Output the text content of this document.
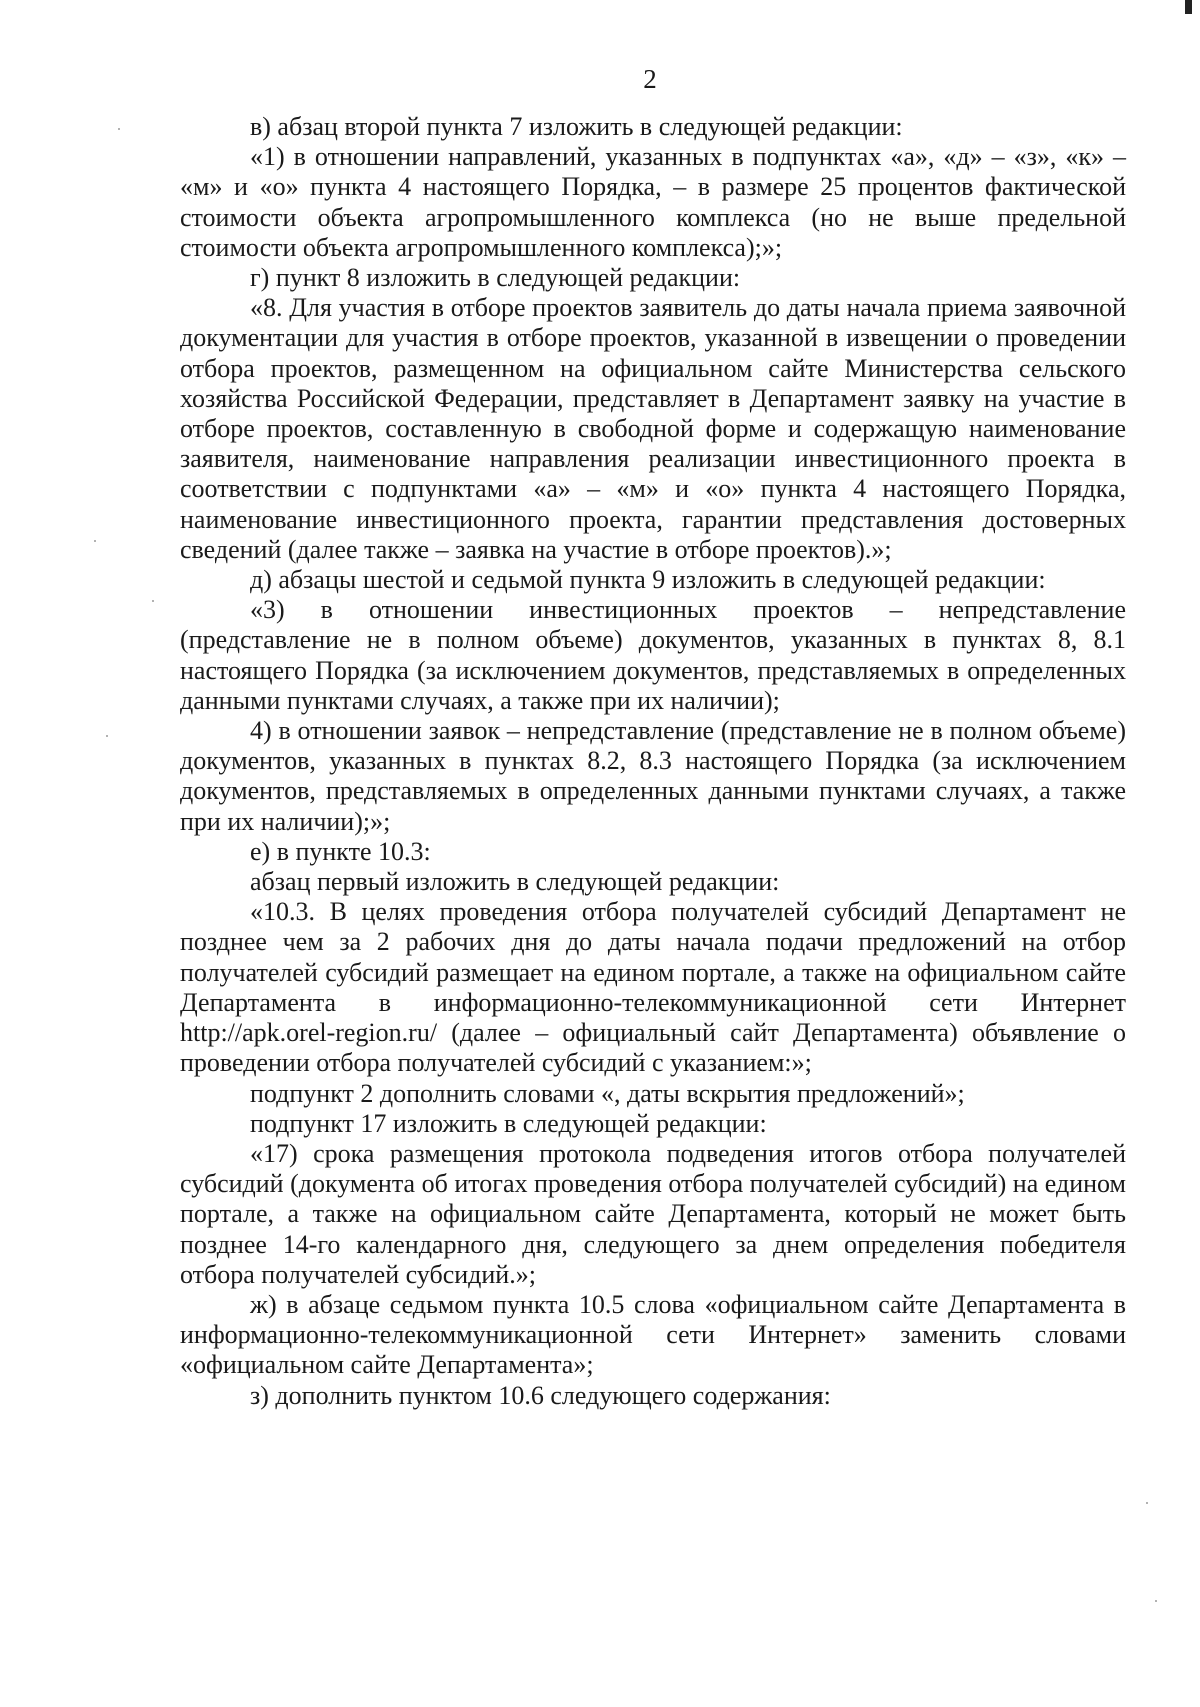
2

в) абзац второй пункта 7 изложить в следующей редакции:

«1) в отношении направлений, указанных в подпунктах «а», «д» – «з», «к» – «м» и «о» пункта 4 настоящего Порядка, – в размере 25 процентов фактической стоимости объекта агропромышленного комплекса (но не выше предельной стоимости объекта агропромышленного комплекса);»;

г) пункт 8 изложить в следующей редакции:

«8. Для участия в отборе проектов заявитель до даты начала приема заявочной документации для участия в отборе проектов, указанной в извещении о проведении отбора проектов, размещенном на официальном сайте Министерства сельского хозяйства Российской Федерации, представляет в Департамент заявку на участие в отборе проектов, составленную в свободной форме и содержащую наименование заявителя, наименование направления реализации инвестиционного проекта в соответствии с подпунктами «а» – «м» и «о» пункта 4 настоящего Порядка, наименование инвестиционного проекта, гарантии представления достоверных сведений (далее также – заявка на участие в отборе проектов).»;

д) абзацы шестой и седьмой пункта 9 изложить в следующей редакции:

«3) в отношении инвестиционных проектов – непредставление (представление не в полном объеме) документов, указанных в пунктах 8, 8.1 настоящего Порядка (за исключением документов, представляемых в определенных данными пунктами случаях, а также при их наличии);

4) в отношении заявок – непредставление (представление не в полном объеме) документов, указанных в пунктах 8.2, 8.3 настоящего Порядка (за исключением документов, представляемых в определенных данными пунктами случаях, а также при их наличии);»;

е) в пункте 10.3:

абзац первый изложить в следующей редакции:

«10.3. В целях проведения отбора получателей субсидий Департамент не позднее чем за 2 рабочих дня до даты начала подачи предложений на отбор получателей субсидий размещает на едином портале, а также на официальном сайте Департамента в информационно-телекоммуникационной сети Интернет http://apk.orel-region.ru/ (далее – официальный сайт Департамента) объявление о проведении отбора получателей субсидий с указанием:»;

подпункт 2 дополнить словами «, даты вскрытия предложений»;

подпункт 17 изложить в следующей редакции:

«17) срока размещения протокола подведения итогов отбора получателей субсидий (документа об итогах проведения отбора получателей субсидий) на едином портале, а также на официальном сайте Департамента, который не может быть позднее 14-го календарного дня, следующего за днем определения победителя отбора получателей субсидий.»;

ж) в абзаце седьмом пункта 10.5 слова «официальном сайте Департамента в информационно-телекоммуникационной сети Интернет» заменить словами «официальном сайте Департамента»;

з) дополнить пунктом 10.6 следующего содержания:
